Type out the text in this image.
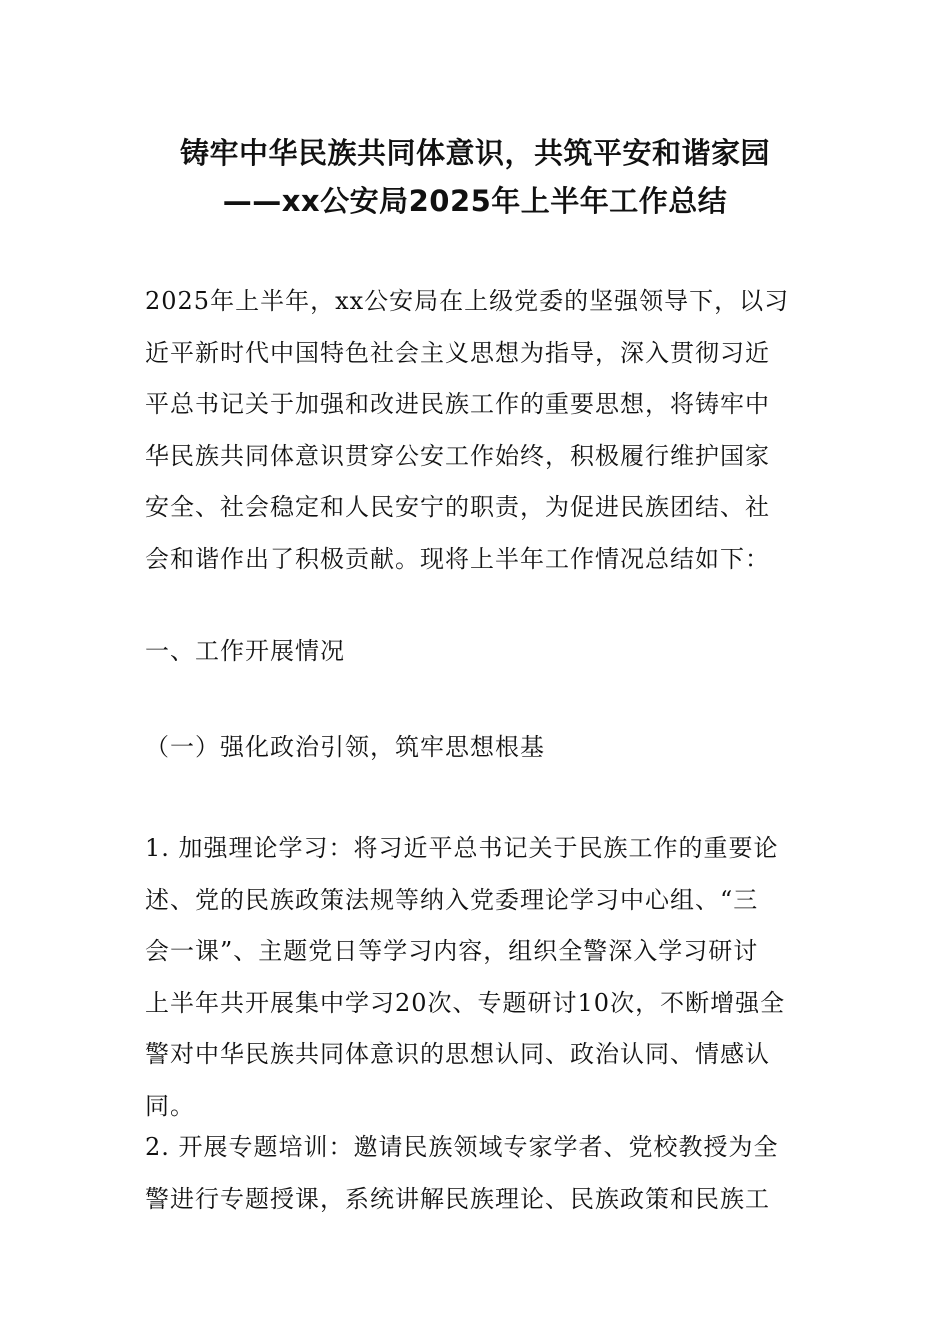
铸牢中华民族共同体意识，共筑平安和谐家园
——xx公安局2025年上半年工作总结
2025年上半年，xx公安局在上级党委的坚强领导下，以习
近平新时代中国特色社会主义思想为指导，深入贯彻习近
平总书记关于加强和改进民族工作的重要思想，将铸牢中
华民族共同体意识贯穿公安工作始终，积极履行维护国家
安全、社会稳定和人民安宁的职责，为促进民族团结、社
会和谐作出了积极贡献。现将上半年工作情况总结如下：
一、工作开展情况
（一）强化政治引领，筑牢思想根基
1. 加强理论学习：将习近平总书记关于民族工作的重要论
述、党的民族政策法规等纳入党委理论学习中心组、“三
会一课”、主题党日等学习内容，组织全警深入学习研讨
上半年共开展集中学习20次、专题研讨10次，不断增强全
警对中华民族共同体意识的思想认同、政治认同、情感认
同。
2. 开展专题培训：邀请民族领域专家学者、党校教授为全
警进行专题授课，系统讲解民族理论、民族政策和民族工
